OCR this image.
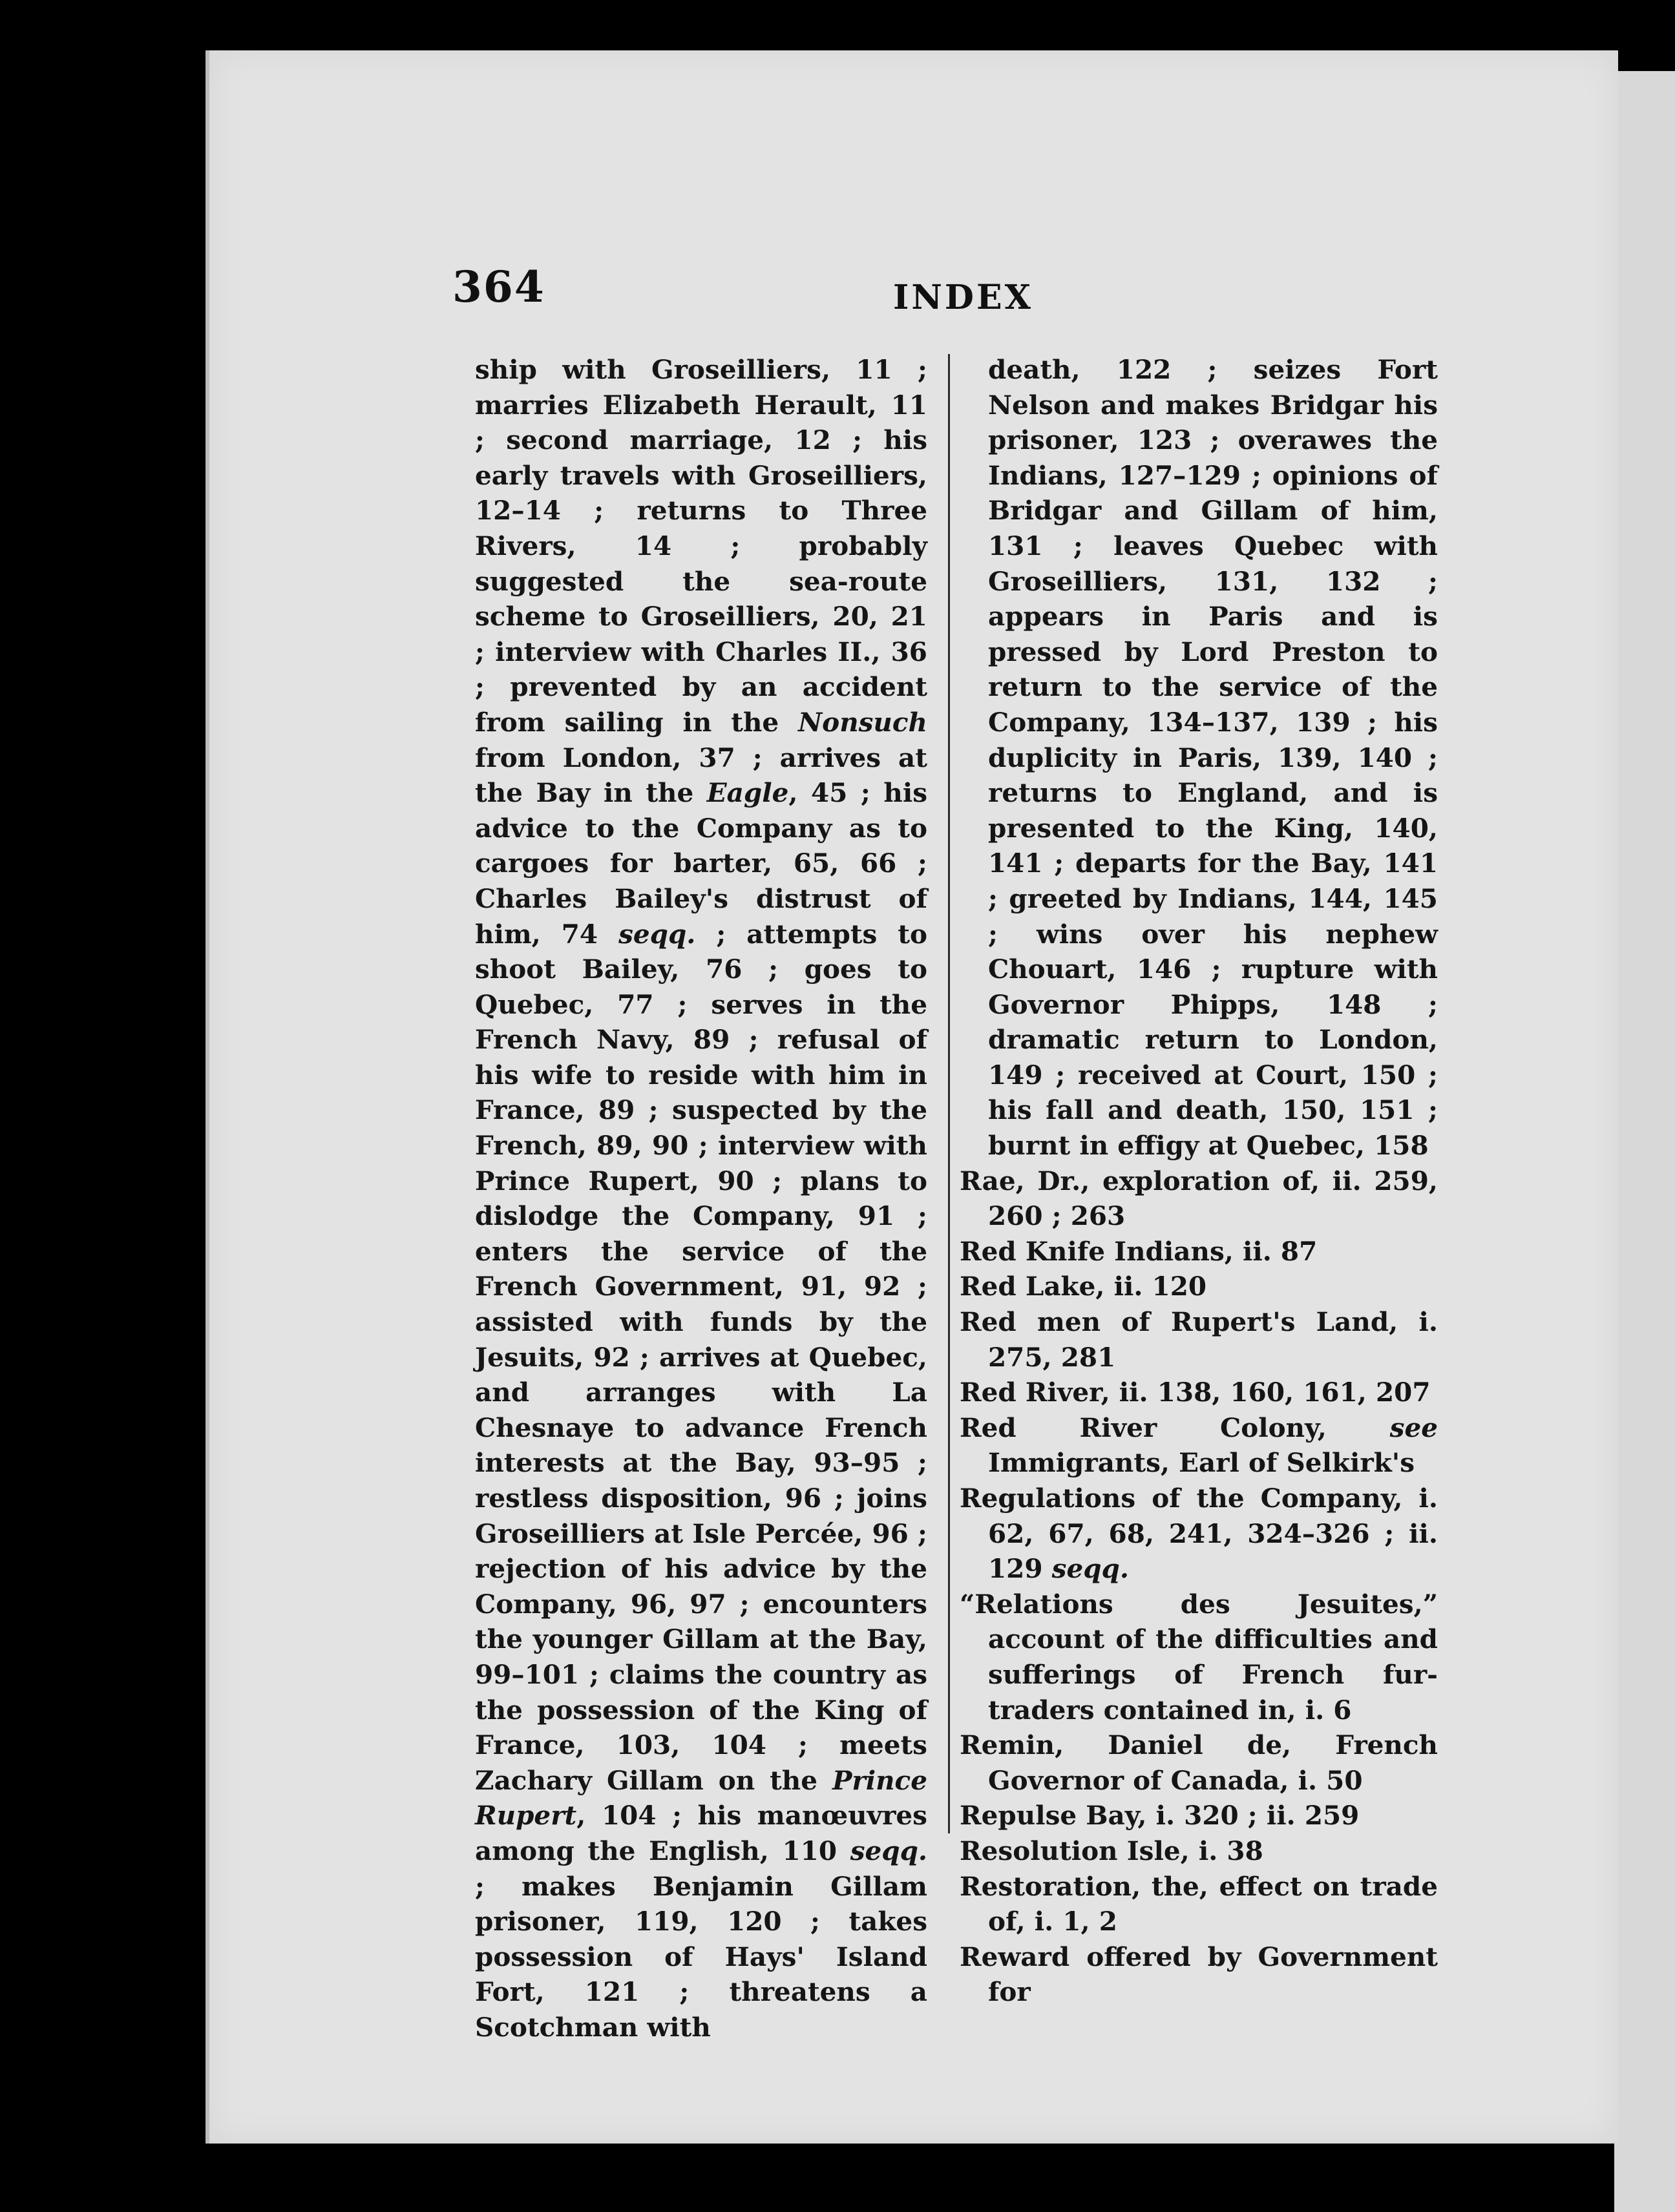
364	INDEX

ship with Groseilliers, 11 ; marries Elizabeth Herault, 11 ; second marriage, 12 ; his early travels with Groseilliers, 12–14 ; returns to Three Rivers, 14 ; probably suggested the sea-route scheme to Groseilliers, 20, 21 ; interview with Charles II., 36 ; prevented by an accident from sailing in the Nonsuch from London, 37 ; arrives at the Bay in the Eagle, 45 ; his advice to the Company as to cargoes for barter, 65, 66 ; Charles Bailey's distrust of him, 74 seqq. ; attempts to shoot Bailey, 76 ; goes to Quebec, 77 ; serves in the French Navy, 89 ; refusal of his wife to reside with him in France, 89 ; suspected by the French, 89, 90 ; interview with Prince Rupert, 90 ; plans to dislodge the Company, 91 ; enters the service of the French Government, 91, 92 ; assisted with funds by the Jesuits, 92 ; arrives at Quebec, and arranges with La Chesnaye to advance French interests at the Bay, 93–95 ; restless disposition, 96 ; joins Groseilliers at Isle Percée, 96 ; rejection of his advice by the Company, 96, 97 ; encounters the younger Gillam at the Bay, 99–101 ; claims the country as the possession of the King of France, 103, 104 ; meets Zachary Gillam on the Prince Rupert, 104 ; his manœuvres among the English, 110 seqq. ; makes Benjamin Gillam prisoner, 119, 120 ; takes possession of Hays' Island Fort, 121 ; threatens a Scotchman with

death, 122 ; seizes Fort Nelson and makes Bridgar his prisoner, 123 ; overawes the Indians, 127–129 ; opinions of Bridgar and Gillam of him, 131 ; leaves Quebec with Groseilliers, 131, 132 ; appears in Paris and is pressed by Lord Preston to return to the service of the Company, 134–137, 139 ; his duplicity in Paris, 139, 140 ; returns to England, and is presented to the King, 140, 141 ; departs for the Bay, 141 ; greeted by Indians, 144, 145 ; wins over his nephew Chouart, 146 ; rupture with Governor Phipps, 148 ; dramatic return to London, 149 ; received at Court, 150 ; his fall and death, 150, 151 ; burnt in effigy at Quebec, 158

Rae, Dr., exploration of, ii. 259, 260 ; 263

Red Knife Indians, ii. 87

Red Lake, ii. 120

Red men of Rupert's Land, i. 275, 281

Red River, ii. 138, 160, 161, 207

Red River Colony, see Immigrants, Earl of Selkirk's

Regulations of the Company, i. 62, 67, 68, 241, 324–326 ; ii. 129 seqq.

“Relations des Jesuites,” account of the difficulties and sufferings of French fur-traders contained in, i. 6

Remin, Daniel de, French Governor of Canada, i. 50

Repulse Bay, i. 320 ; ii. 259

Resolution Isle, i. 38

Restoration, the, effect on trade of, i. 1, 2

Reward offered by Government for
